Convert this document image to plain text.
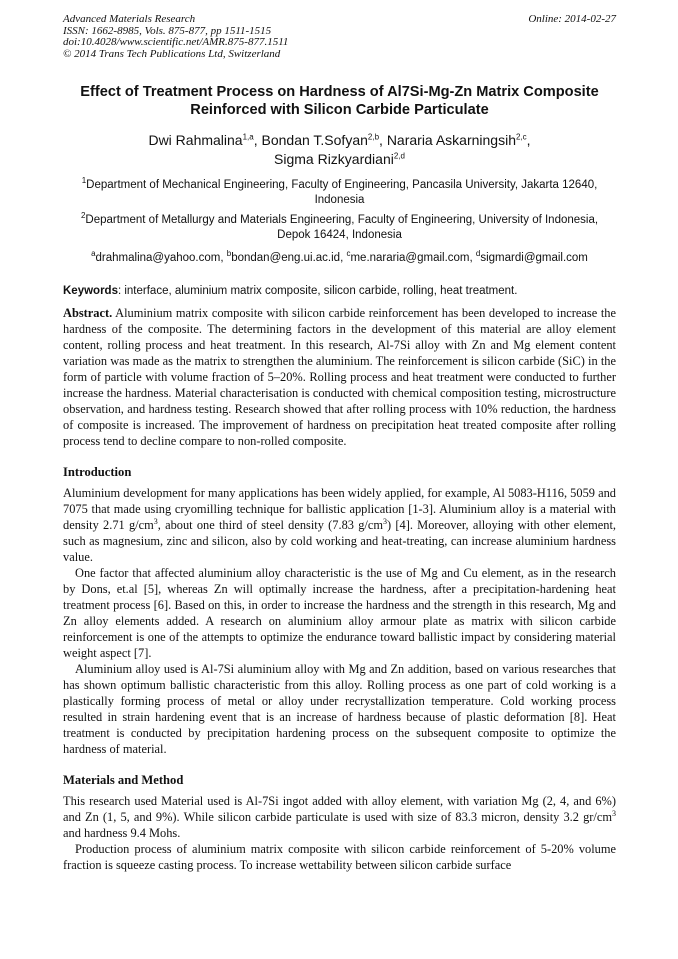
Advanced Materials Research
ISSN: 1662-8985, Vols. 875-877, pp 1511-1515
doi:10.4028/www.scientific.net/AMR.875-877.1511
© 2014 Trans Tech Publications Ltd, Switzerland
Online: 2014-02-27
Effect of Treatment Process on Hardness of Al7Si-Mg-Zn Matrix Composite Reinforced with Silicon Carbide Particulate
Dwi Rahmalina$^{1,a}$, Bondan T.Sofyan$^{2,b}$, Nararia Askarningsih$^{2,c}$,
Sigma Rizkyardiani$^{2,d}$
$^1$Department of Mechanical Engineering, Faculty of Engineering, Pancasila University, Jakarta 12640, Indonesia
$^2$Department of Metallurgy and Materials Engineering, Faculty of Engineering, University of Indonesia, Depok 16424, Indonesia
$^a$drahmalina@yahoo.com, $^b$bondan@eng.ui.ac.id, $^c$me.nararia@gmail.com, $^d$sigmardi@gmail.com
Keywords: interface, aluminium matrix composite, silicon carbide, rolling, heat treatment.
Abstract. Aluminium matrix composite with silicon carbide reinforcement has been developed to increase the hardness of the composite. The determining factors in the development of this material are alloy element content, rolling process and heat treatment. In this research, Al-7Si alloy with Zn and Mg element content variation was made as the matrix to strengthen the aluminium. The reinforcement is silicon carbide (SiC) in the form of particle with volume fraction of 5–20%. Rolling process and heat treatment were conducted to further increase the hardness. Material characterisation is conducted with chemical composition testing, microstructure observation, and hardness testing. Research showed that after rolling process with 10% reduction, the hardness of composite is increased. The improvement of hardness on precipitation heat treated composite after rolling process tend to decline compare to non-rolled composite.
Introduction

Aluminium development for many applications has been widely applied, for example, Al 5083-H116, 5059 and 7075 that made using cryomilling technique for ballistic application [1-3]. Aluminium alloy is a material with density 2.71 $g/cm^3$, about one third of steel density (7.83 $g/cm^3$) [4]. Moreover, alloying with other element, such as magnesium, zinc and silicon, also by cold working and heat-treating, can increase aluminium hardness value.

One factor that affected aluminium alloy characteristic is the use of Mg and Cu element, as in the research by Dons, et.al [5], whereas Zn will optimally increase the hardness, after a precipitation-hardening heat treatment process [6]. Based on this, in order to increase the hardness and the strength in this research, Mg and Zn alloy elements added. A research on aluminium alloy armour plate as matrix with silicon carbide reinforcement is one of the attempts to optimize the endurance toward ballistic impact by considering material weight aspect [7].

Aluminium alloy used is Al-7Si aluminium alloy with Mg and Zn addition, based on various researches that has shown optimum ballistic characteristic from this alloy. Rolling process as one part of cold working is a plastically forming process of metal or alloy under recrystallization temperature. Cold working process resulted in strain hardening event that is an increase of hardness because of plastic deformation [8]. Heat treatment is conducted by precipitation hardening process on the subsequent composite to optimize the hardness of material.

Materials and Method

This research used Material used is Al-7Si ingot added with alloy element, with variation Mg (2, 4, and 6%) and Zn (1, 5, and 9%). While silicon carbide particulate is used with size of 83.3 micron, density 3.2 $gr/cm^3$ and hardness 9.4 Mohs.

Production process of aluminium matrix composite with silicon carbide reinforcement of 5-20% volume fraction is squeeze casting process. To increase wettability between silicon carbide surface
